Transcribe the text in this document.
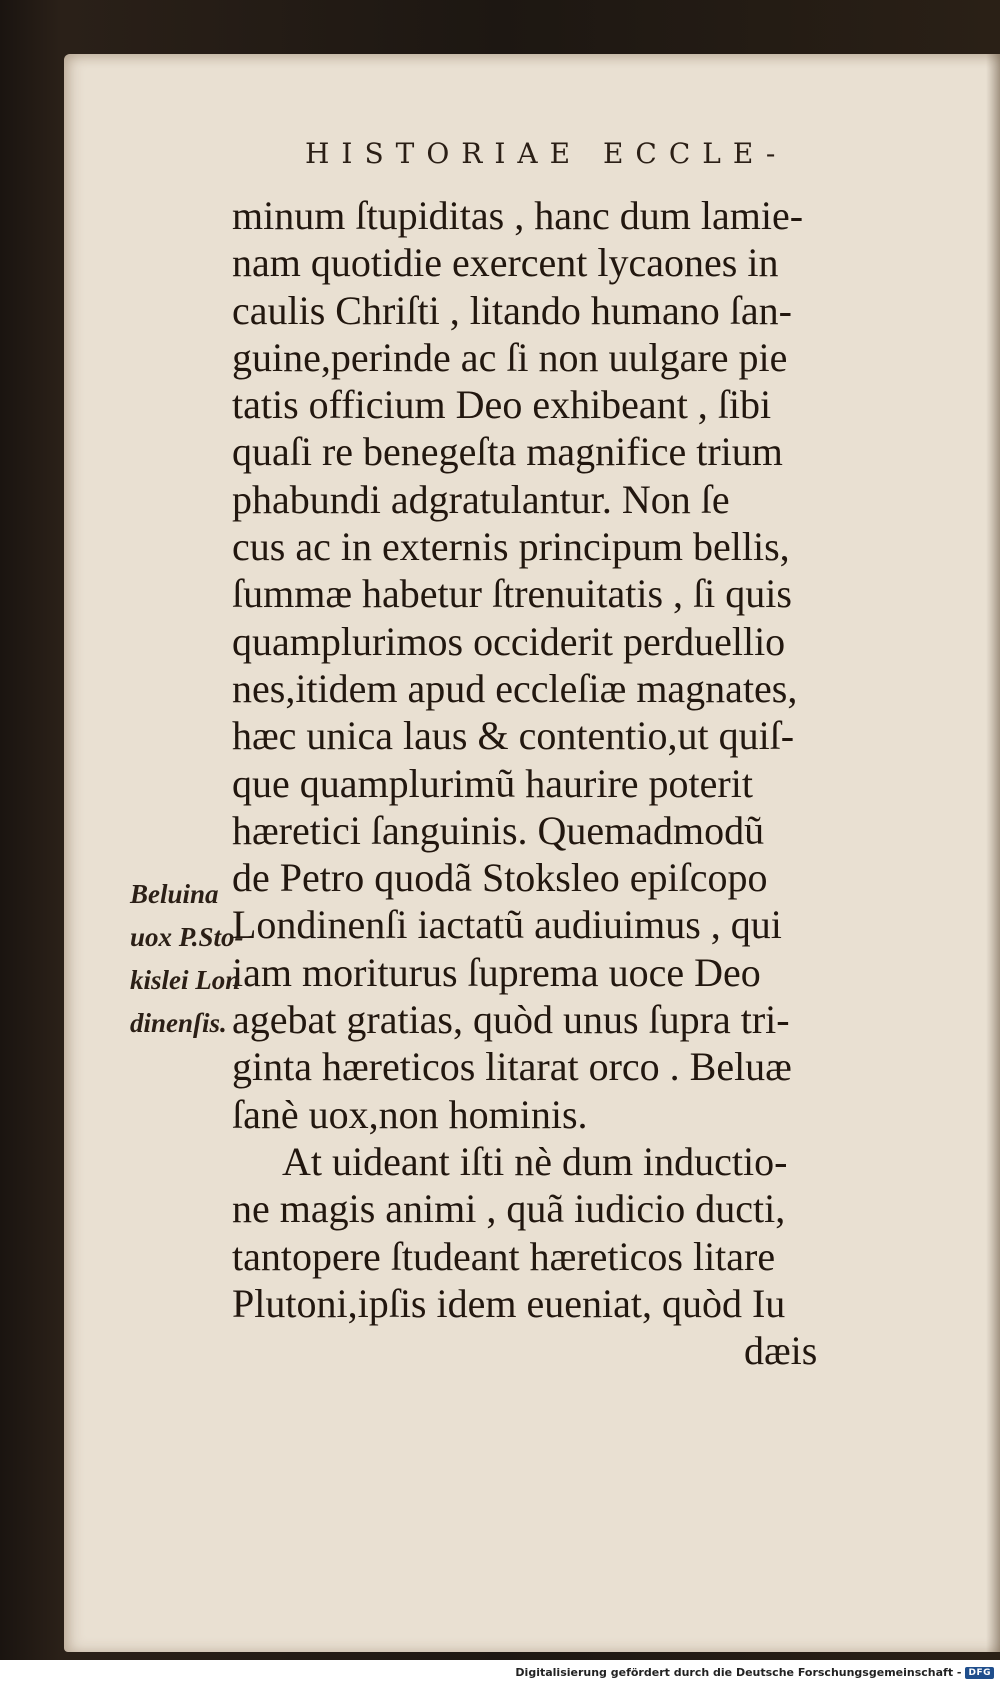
HISTORIAE ECCLE-
minum ſtupiditas , hanc dum lamie-
nam quotidie exercent lycaones in
caulis Chriſti , litando humano ſan-
guine,perinde ac ſi non uulgare pie
tatis officium Deo exhibeant , ſibi
quaſi re benegeſta magnifice trium
phabundi adgratulantur. Non ſe
cus ac in externis principum bellis,
ſummæ habetur ſtrenuitatis , ſi quis
quamplurimos occiderit perduellio
nes,itidem apud eccleſiæ magnates,
hæc unica laus & contentio,ut quiſ-
que quamplurimũ haurire poterit
hæretici ſanguinis. Quemadmodũ
de Petro quodã Stoksleo epiſcopo
Londinenſi iactatũ audiuimus , qui
iam moriturus ſuprema uoce Deo
agebat gratias, quòd unus ſupra tri-
ginta hæreticos litarat orco . Beluæ
ſanè uox,non hominis.
At uideant iſti nè dum inductio-
ne magis animi , quã iudicio ducti,
tantopere ſtudeant hæreticos litare
Plutoni,ipſis idem eueniat, quòd Iu
dæis
Beluina
uox P.Sto-
kislei Lon
dinenſis.
Digitalisierung gefördert durch die Deutsche Forschungsgemeinschaft - DFG
